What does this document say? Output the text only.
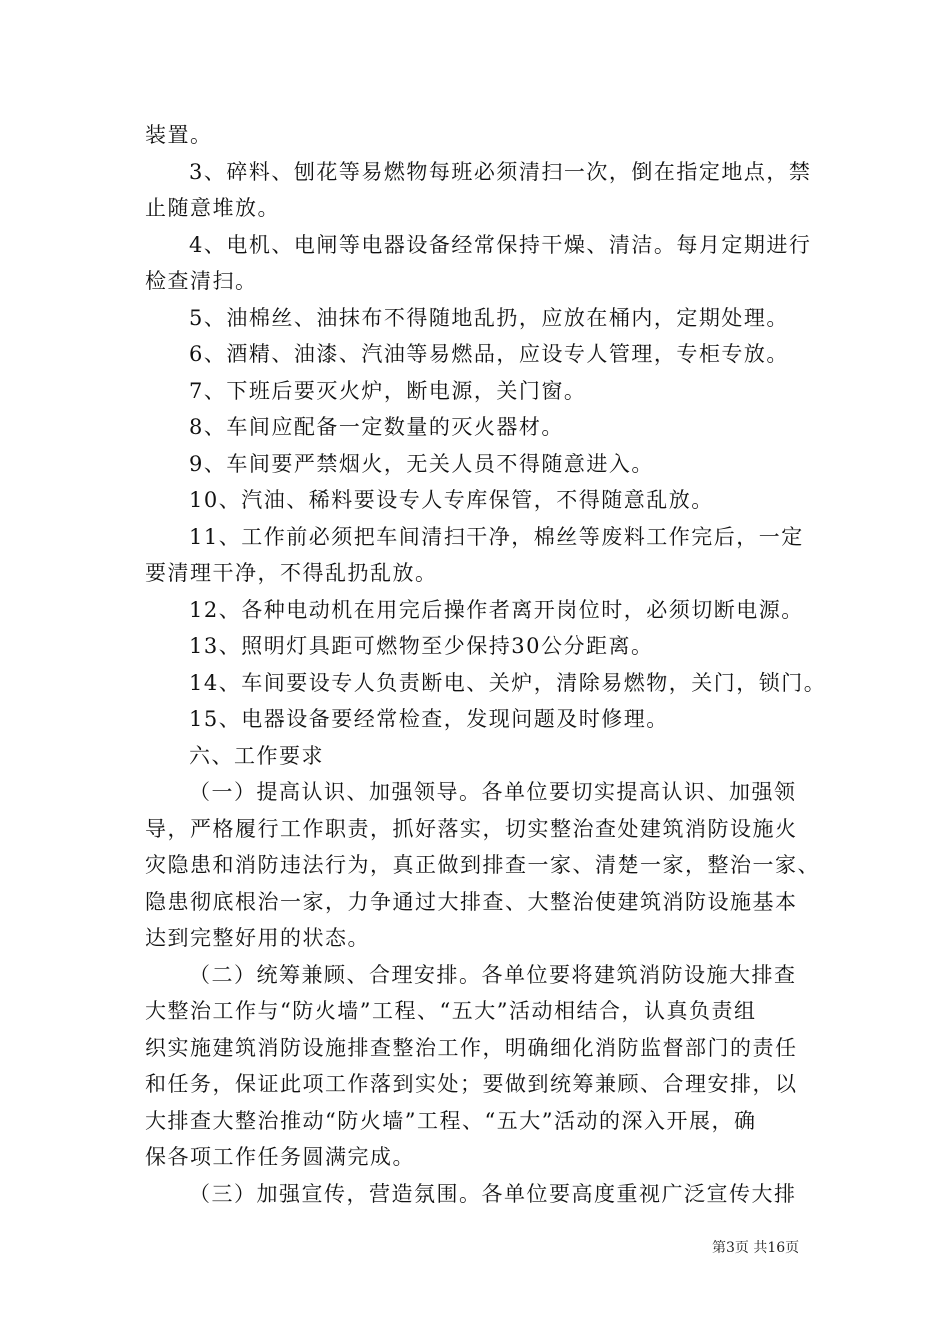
装置。
3、碎料、刨花等易燃物每班必须清扫一次，倒在指定地点，禁
止随意堆放。
4、电机、电闸等电器设备经常保持干燥、清洁。每月定期进行
检查清扫。
5、油棉丝、油抹布不得随地乱扔，应放在桶内，定期处理。
6、酒精、油漆、汽油等易燃品，应设专人管理，专柜专放。
7、下班后要灭火炉，断电源，关门窗。
8、车间应配备一定数量的灭火器材。
9、车间要严禁烟火，无关人员不得随意进入。
10、汽油、稀料要设专人专库保管，不得随意乱放。
11、工作前必须把车间清扫干净，棉丝等废料工作完后，一定
要清理干净，不得乱扔乱放。
12、各种电动机在用完后操作者离开岗位时，必须切断电源。
13、照明灯具距可燃物至少保持30公分距离。
14、车间要设专人负责断电、关炉，清除易燃物，关门，锁门。
15、电器设备要经常检查，发现问题及时修理。
六、工作要求
（一）提高认识、加强领导。各单位要切实提高认识、加强领
导，严格履行工作职责，抓好落实，切实整治查处建筑消防设施火
灾隐患和消防违法行为，真正做到排查一家、清楚一家，整治一家、
隐患彻底根治一家，力争通过大排查、大整治使建筑消防设施基本
达到完整好用的状态。
（二）统筹兼顾、合理安排。各单位要将建筑消防设施大排查
大整治工作与“防火墙”工程、“五大”活动相结合，认真负责组
织实施建筑消防设施排查整治工作，明确细化消防监督部门的责任
和任务，保证此项工作落到实处；要做到统筹兼顾、合理安排，以
大排查大整治推动“防火墙”工程、“五大”活动的深入开展，确
保各项工作任务圆满完成。
（三）加强宣传，营造氛围。各单位要高度重视广泛宣传大排
第3页 共16页
